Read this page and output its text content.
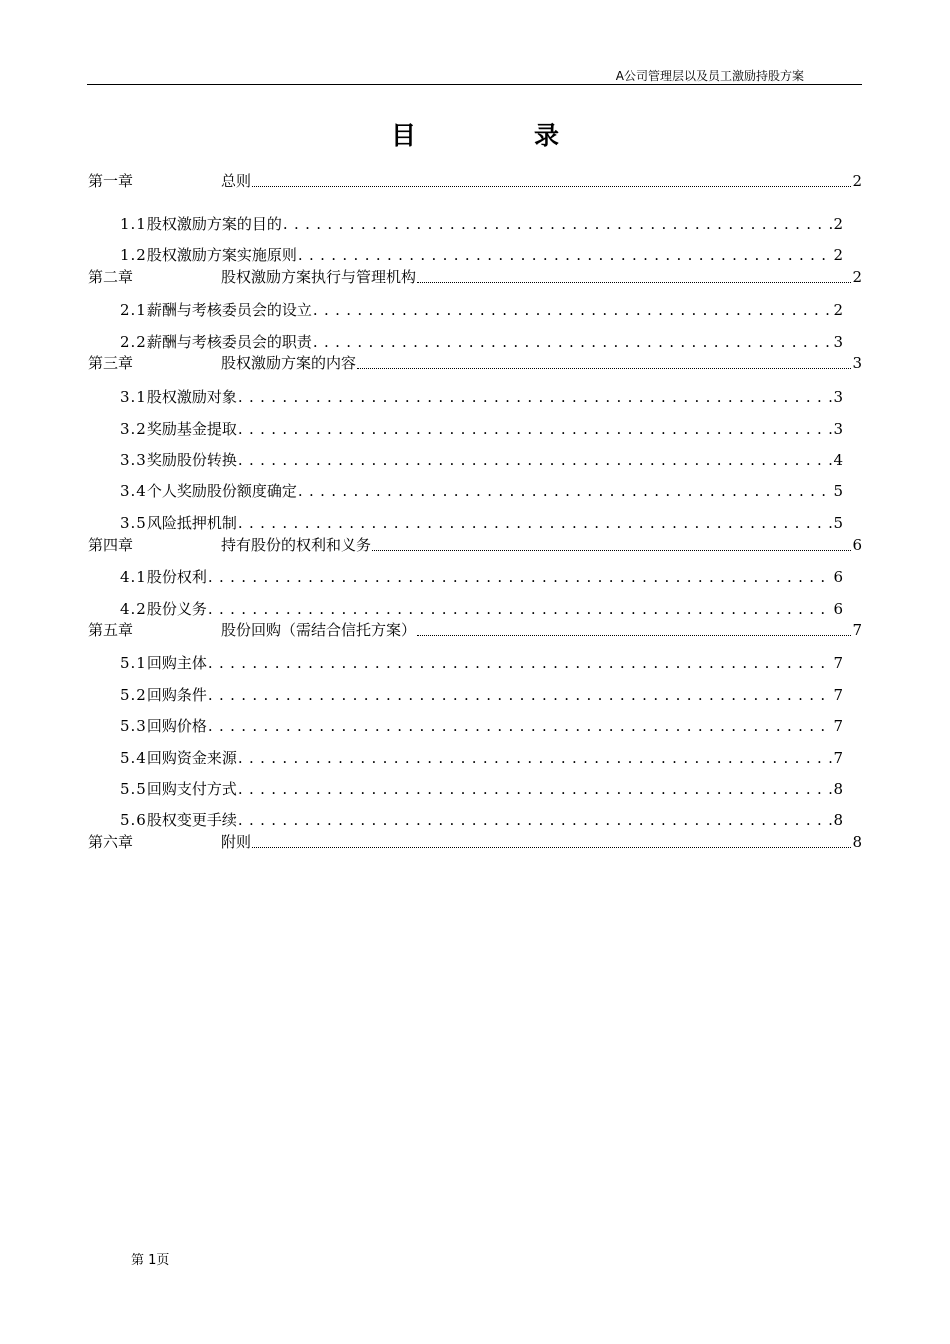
A公司管理层以及员工激励持股方案
目录
第一章	总则	2
1.1 股权激励方案的目的 . . .	2
1.2 股权激励方案实施原则 . . .	2
第二章	股权激励方案执行与管理机构	2
2.1 薪酬与考核委员会的设立 . . .	2
2.2 薪酬与考核委员会的职责 . . .	3
第三章	股权激励方案的内容	3
3.1 股权激励对象 . . .	3
3.2 奖励基金提取 . . .	3
3.3 奖励股份转换 . . .	4
3.4 个人奖励股份额度确定 . . .	5
3.5 风险抵押机制 . . .	5
第四章	持有股份的权利和义务	6
4.1 股份权利 . . .	6
4.2 股份义务 . . .	6
第五章	股份回购（需结合信托方案）	7
5.1 回购主体 . . .	7
5.2 回购条件 . . .	7
5.3 回购价格 . . .	7
5.4 回购资金来源 . . .	7
5.5 回购支付方式 . . .	8
5.6 股权变更手续 . . .	8
第六章	附则	8
第 1页
